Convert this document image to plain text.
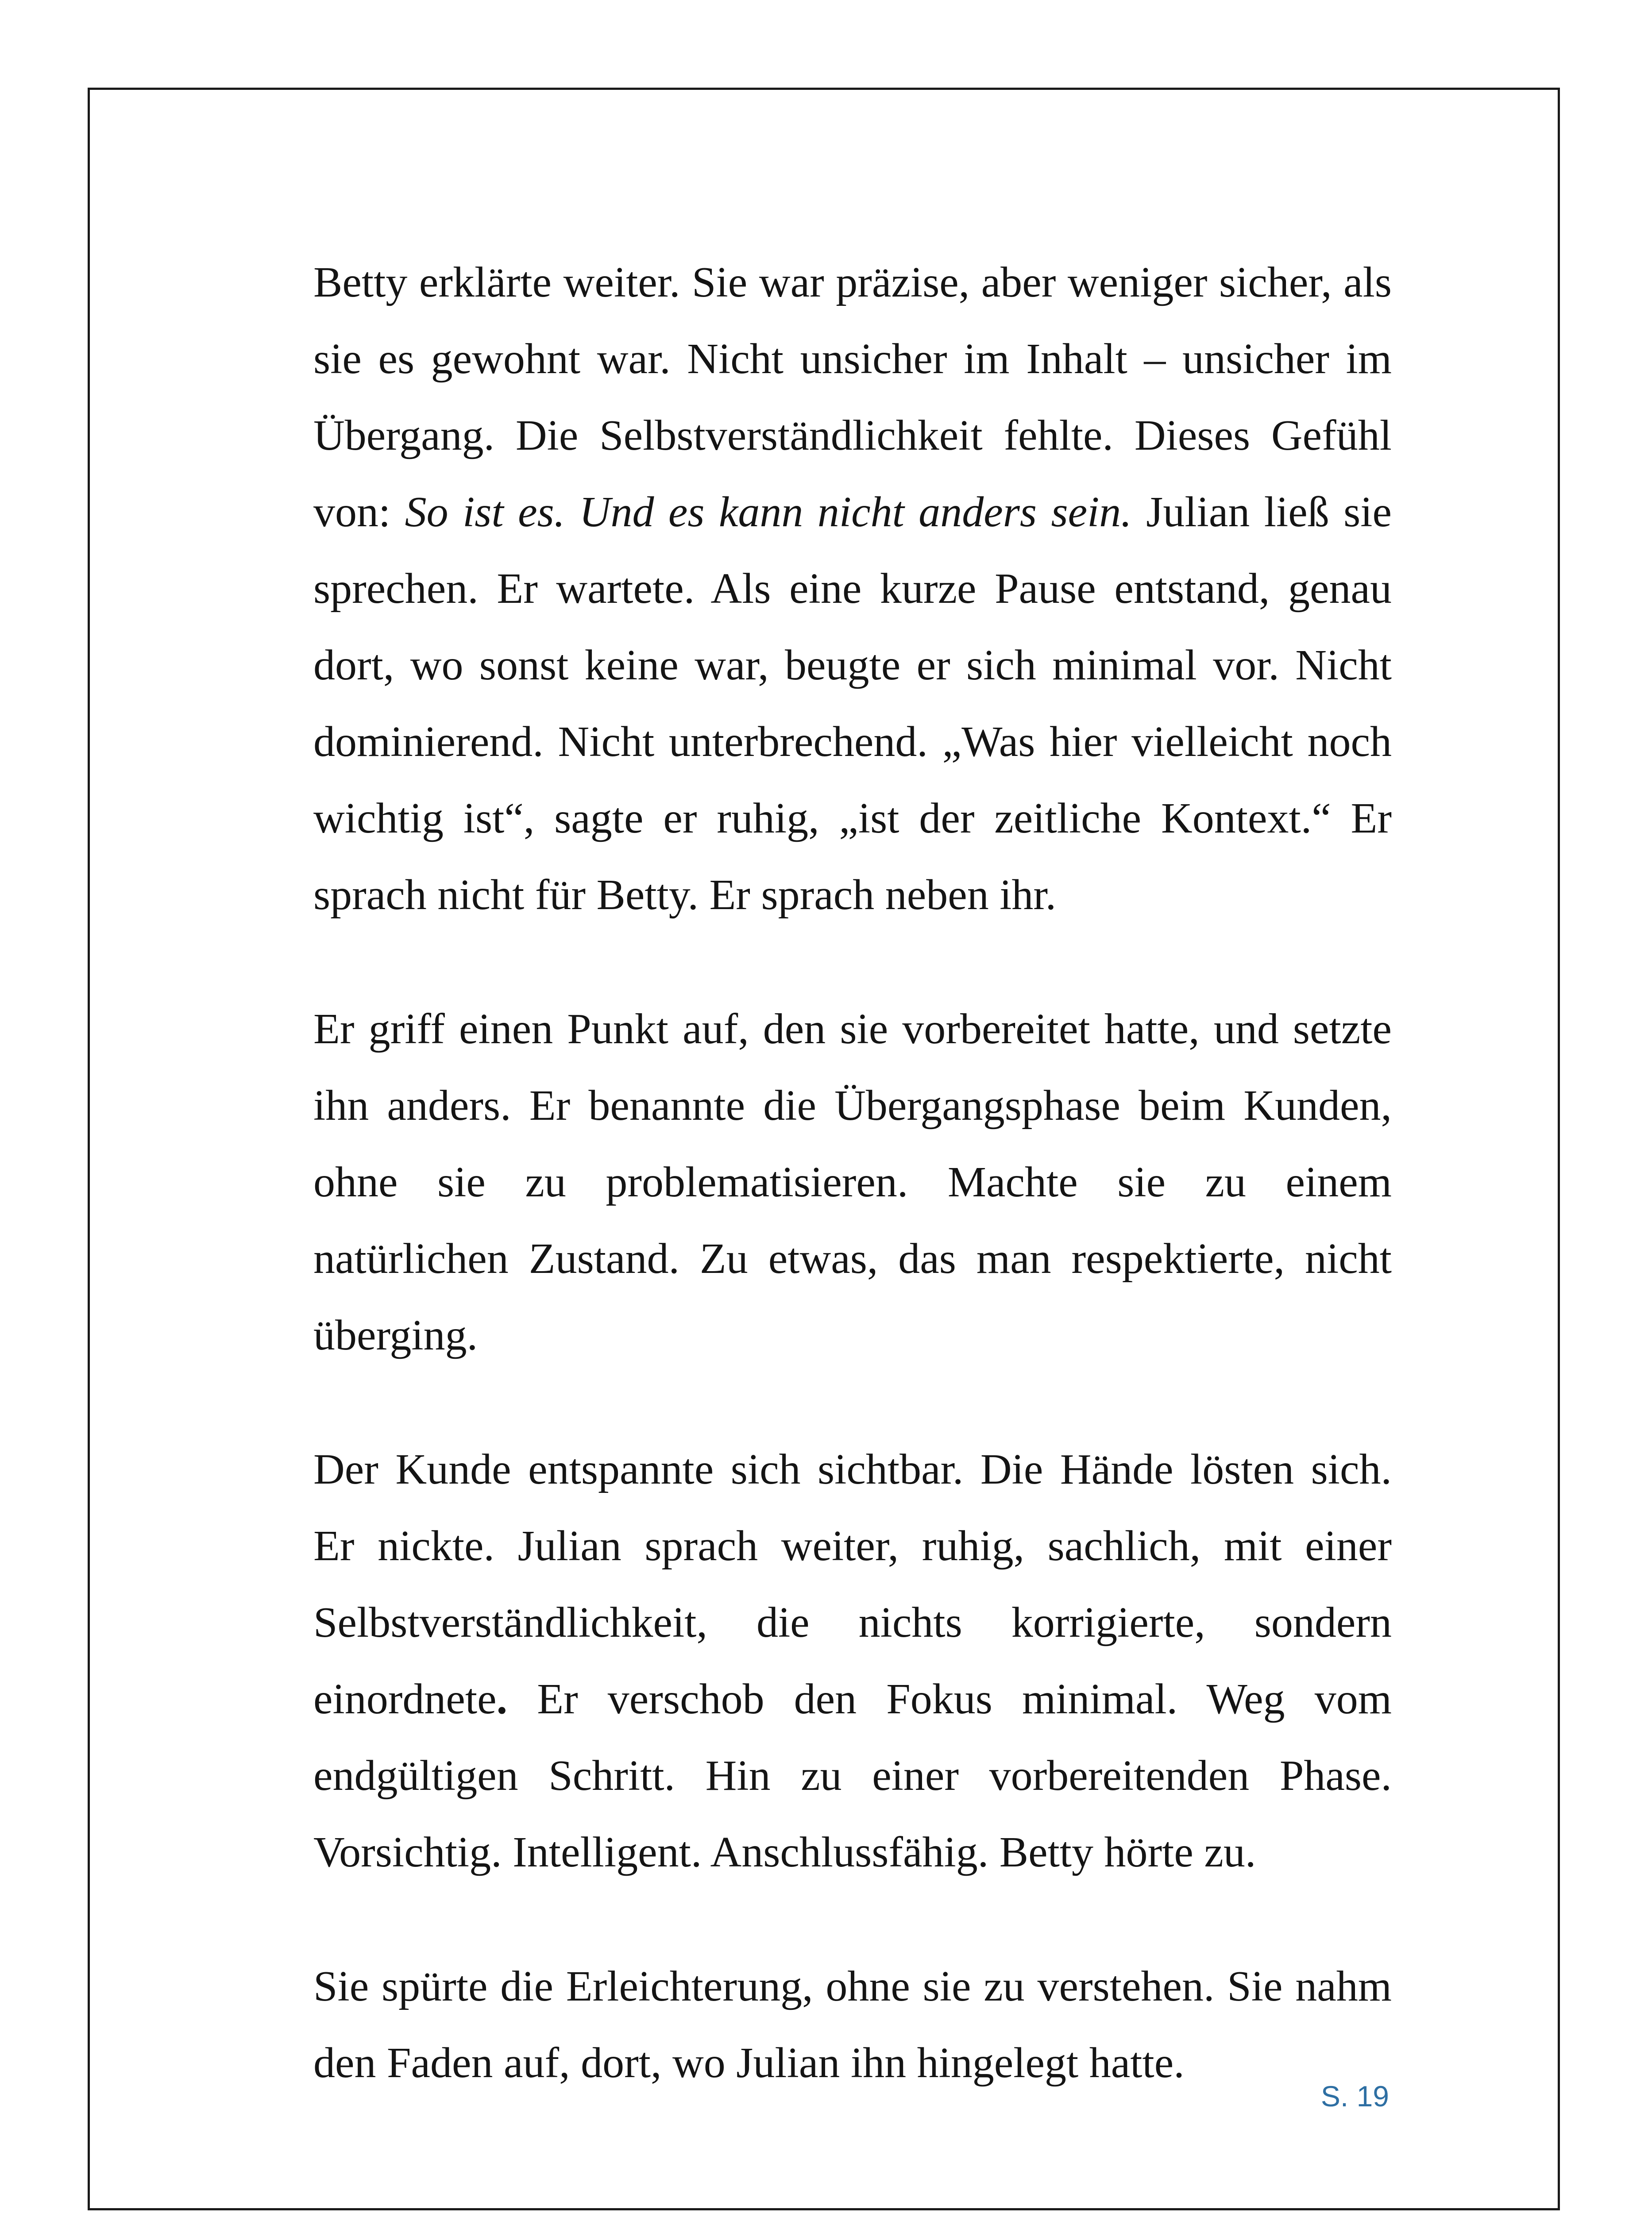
Betty erklärte weiter. Sie war präzise, aber weniger sicher, als sie es gewohnt war. Nicht unsicher im Inhalt – unsicher im Übergang. Die Selbstverständlichkeit fehlte. Dieses Gefühl von: So ist es. Und es kann nicht anders sein. Julian ließ sie sprechen. Er wartete. Als eine kurze Pause entstand, genau dort, wo sonst keine war, beugte er sich minimal vor. Nicht dominierend. Nicht unterbrechend. „Was hier vielleicht noch wichtig ist“, sagte er ruhig, „ist der zeitliche Kontext.“ Er sprach nicht für Betty. Er sprach neben ihr.

Er griff einen Punkt auf, den sie vorbereitet hatte, und setzte ihn anders. Er benannte die Übergangsphase beim Kunden, ohne sie zu problematisieren. Machte sie zu einem natürlichen Zustand. Zu etwas, das man respektierte, nicht überging.

Der Kunde entspannte sich sichtbar. Die Hände lösten sich. Er nickte. Julian sprach weiter, ruhig, sachlich, mit einer Selbstverständlichkeit, die nichts korrigierte, sondern einordnete. Er verschob den Fokus minimal. Weg vom endgültigen Schritt. Hin zu einer vorbereitenden Phase. Vorsichtig. Intelligent. Anschlussfähig. Betty hörte zu.

Sie spürte die Erleichterung, ohne sie zu verstehen. Sie nahm den Faden auf, dort, wo Julian ihn hingelegt hatte.

S. 19
